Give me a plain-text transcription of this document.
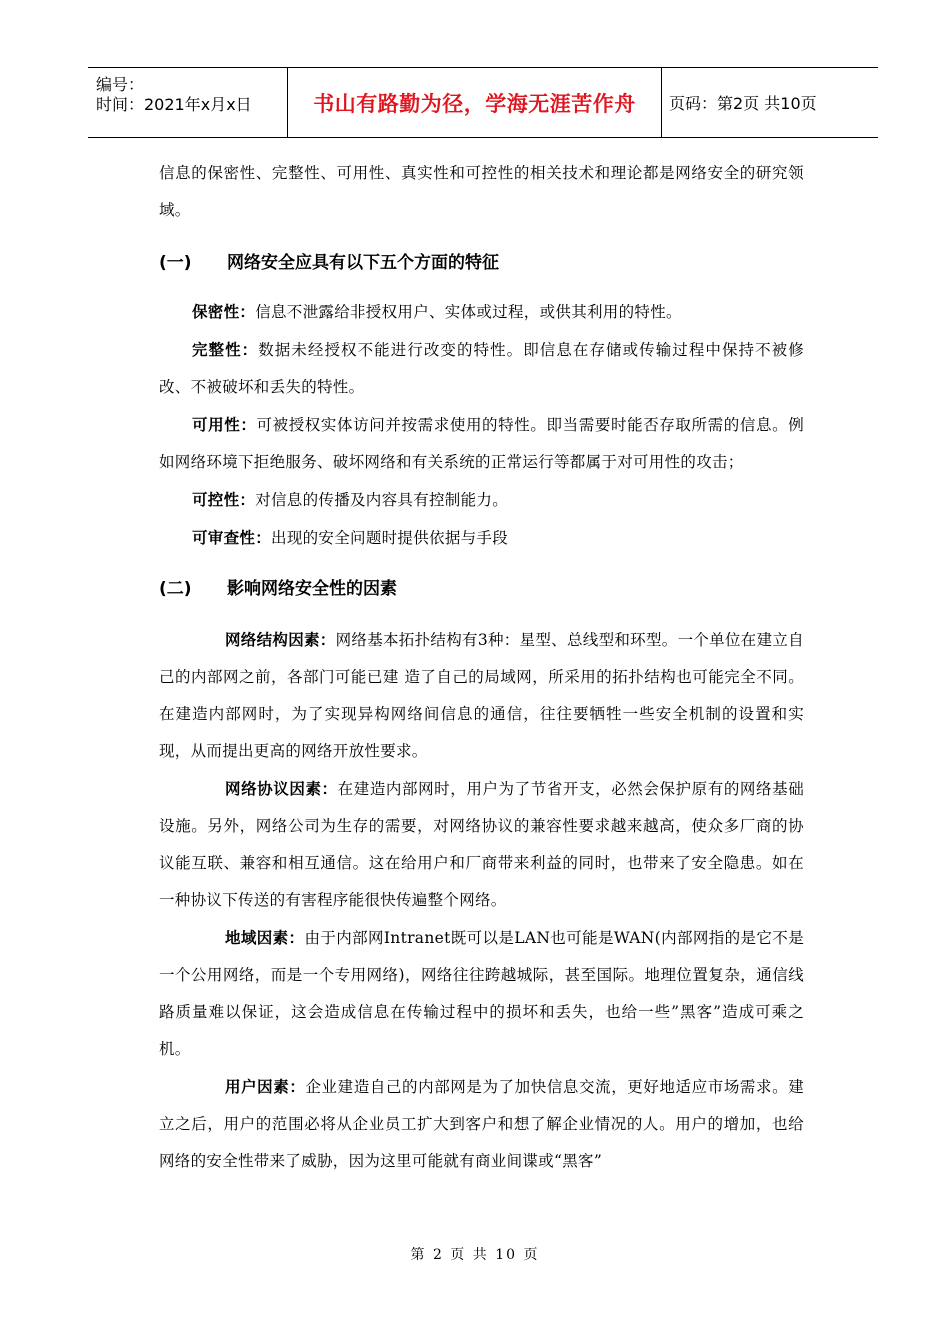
编号：
时间：2021年x月x日	书山有路勤为径，学海无涯苦作舟	页码：第2页 共10页

信息的保密性、完整性、可用性、真实性和可控性的相关技术和理论都是网络安全的研究领域。

(一)	网络安全应具有以下五个方面的特征

保密性：信息不泄露给非授权用户、实体或过程，或供其利用的特性。

完整性：数据未经授权不能进行改变的特性。即信息在存储或传输过程中保持不被修改、不被破坏和丢失的特性。

可用性：可被授权实体访问并按需求使用的特性。即当需要时能否存取所需的信息。例如网络环境下拒绝服务、破坏网络和有关系统的正常运行等都属于对可用性的攻击；

可控性：对信息的传播及内容具有控制能力。

可审查性：出现的安全问题时提供依据与手段

(二)	影响网络安全性的因素

网络结构因素：网络基本拓扑结构有3种：星型、总线型和环型。一个单位在建立自己的内部网之前，各部门可能已建 造了自己的局域网，所采用的拓扑结构也可能完全不同。在建造内部网时，为了实现异构网络间信息的通信，往往要牺牲一些安全机制的设置和实现，从而提出更高的网络开放性要求。

网络协议因素：在建造内部网时，用户为了节省开支，必然会保护原有的网络基础设施。另外，网络公司为生存的需要，对网络协议的兼容性要求越来越高，使众多厂商的协议能互联、兼容和相互通信。这在给用户和厂商带来利益的同时，也带来了安全隐患。如在一种协议下传送的有害程序能很快传遍整个网络。

地域因素：由于内部网Intranet既可以是LAN也可能是WAN(内部网指的是它不是一个公用网络，而是一个专用网络)，网络往往跨越城际，甚至国际。地理位置复杂，通信线路质量难以保证，这会造成信息在传输过程中的损坏和丢失，也给一些”黑客”造成可乘之机。

用户因素：企业建造自己的内部网是为了加快信息交流，更好地适应市场需求。建立之后，用户的范围必将从企业员工扩大到客户和想了解企业情况的人。用户的增加，也给网络的安全性带来了威胁，因为这里可能就有商业间谍或“黑客”

第 2 页 共 10 页
